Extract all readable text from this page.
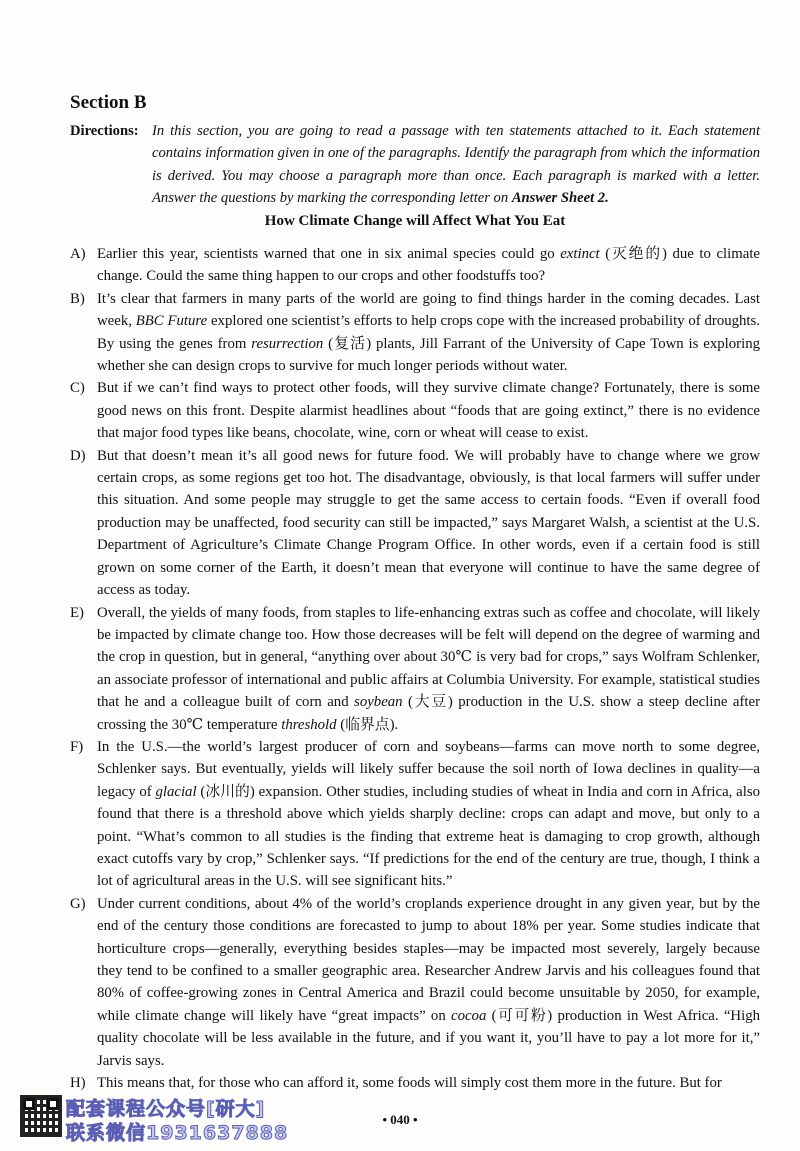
Section B
Directions: In this section, you are going to read a passage with ten statements attached to it. Each statement contains information given in one of the paragraphs. Identify the paragraph from which the information is derived. You may choose a paragraph more than once. Each paragraph is marked with a letter. Answer the questions by marking the corresponding letter on Answer Sheet 2.
How Climate Change will Affect What You Eat

A) Earlier this year, scientists warned that one in six animal species could go extinct (灭绝的) due to climate change. Could the same thing happen to our crops and other foodstuffs too?

B) It’s clear that farmers in many parts of the world are going to find things harder in the coming decades. Last week, BBC Future explored one scientist’s efforts to help crops cope with the increased probability of droughts. By using the genes from resurrection (复活) plants, Jill Farrant of the University of Cape Town is exploring whether she can design crops to survive for much longer periods without water.

C) But if we can’t find ways to protect other foods, will they survive climate change? Fortunately, there is some good news on this front. Despite alarmist headlines about “foods that are going extinct,” there is no evidence that major food types like beans, chocolate, wine, corn or wheat will cease to exist.

D) But that doesn’t mean it’s all good news for future food. We will probably have to change where we grow certain crops, as some regions get too hot. The disadvantage, obviously, is that local farmers will suffer under this situation. And some people may struggle to get the same access to certain foods. “Even if overall food production may be unaffected, food security can still be impacted,” says Margaret Walsh, a scientist at the U.S. Department of Agriculture’s Climate Change Program Office. In other words, even if a certain food is still grown on some corner of the Earth, it doesn’t mean that everyone will continue to have the same degree of access as today.

E) Overall, the yields of many foods, from staples to life-enhancing extras such as coffee and chocolate, will likely be impacted by climate change too. How those decreases will be felt will depend on the degree of warming and the crop in question, but in general, “anything over about 30℃ is very bad for crops,” says Wolfram Schlenker, an associate professor of international and public affairs at Columbia University. For example, statistical studies that he and a colleague built of corn and soybean (大豆) production in the U.S. show a steep decline after crossing the 30℃ temperature threshold (临界点).

F) In the U.S.—the world’s largest producer of corn and soybeans—farms can move north to some degree, Schlenker says. But eventually, yields will likely suffer because the soil north of Iowa declines in quality—a legacy of glacial (冰川的) expansion. Other studies, including studies of wheat in India and corn in Africa, also found that there is a threshold above which yields sharply decline: crops can adapt and move, but only to a point. “What’s common to all studies is the finding that extreme heat is damaging to crop growth, although exact cutoffs vary by crop,” Schlenker says. “If predictions for the end of the century are true, though, I think a lot of agricultural areas in the U.S. will see significant hits.”

G) Under current conditions, about 4% of the world’s croplands experience drought in any given year, but by the end of the century those conditions are forecasted to jump to about 18% per year. Some studies indicate that horticulture crops—generally, everything besides staples—may be impacted most severely, largely because they tend to be confined to a smaller geographic area. Researcher Andrew Jarvis and his colleagues found that 80% of coffee-growing zones in Central America and Brazil could become unsuitable by 2050, for example, while climate change will likely have “great impacts” on cocoa (可可粉) production in West Africa. “High quality chocolate will be less available in the future, and if you want it, you’ll have to pay a lot more for it,” Jarvis says.

H) This means that, for those who can afford it, some foods will simply cost them more in the future. But for

• 040 •
配套课程公众号[研大]
联系微信1931637888
